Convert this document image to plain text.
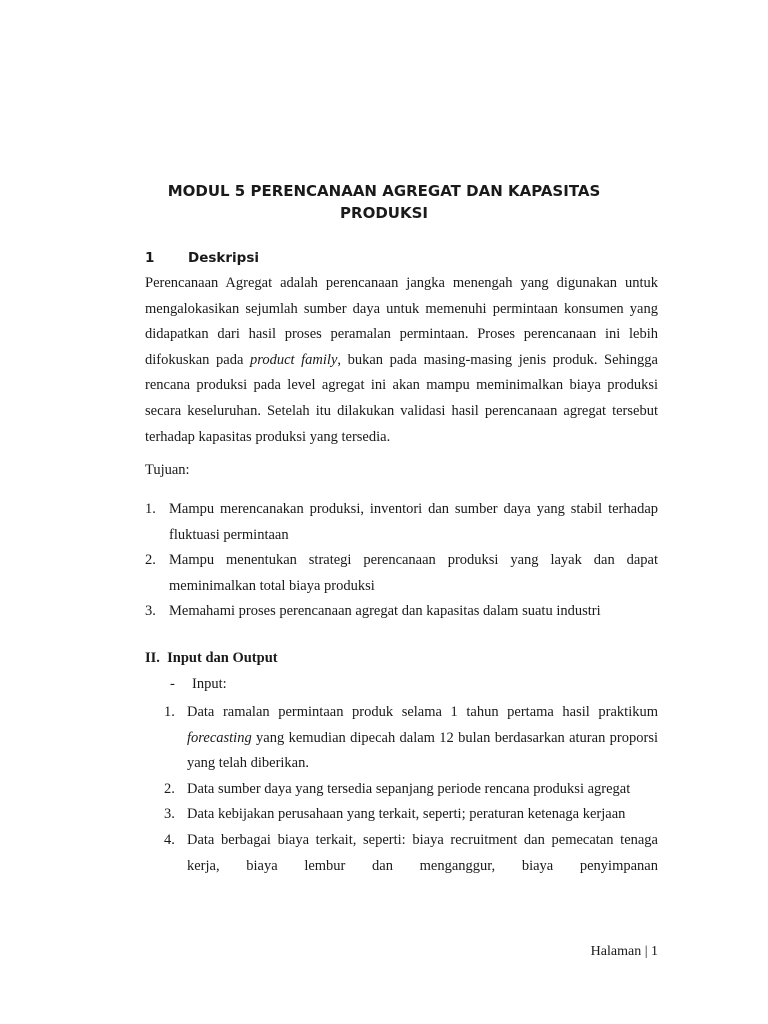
MODUL 5 PERENCANAAN AGREGAT DAN KAPASITAS
PRODUKSI
1 Deskripsi

Perencanaan Agregat adalah perencanaan jangka menengah yang digunakan untuk mengalokasikan sejumlah sumber daya untuk memenuhi permintaan konsumen yang didapatkan dari hasil proses peramalan permintaan. Proses perencanaan ini lebih difokuskan pada product family, bukan pada masing-masing jenis produk. Sehingga rencana produksi pada level agregat ini akan mampu meminimalkan biaya produksi secara keseluruhan. Setelah itu dilakukan validasi hasil perencanaan agregat tersebut terhadap kapasitas produksi yang tersedia.

Tujuan:

1. Mampu merencanakan produksi, inventori dan sumber daya yang stabil terhadap fluktuasi permintaan
2. Mampu menentukan strategi perencanaan produksi yang layak dan dapat meminimalkan total biaya produksi
3. Memahami proses perencanaan agregat dan kapasitas dalam suatu industri

II.  Input dan Output

- Input:

1. Data ramalan permintaan produk selama 1 tahun pertama hasil praktikum forecasting yang kemudian dipecah dalam 12 bulan berdasarkan aturan proporsi yang telah diberikan.
2. Data sumber daya yang tersedia sepanjang periode rencana produksi agregat
3. Data kebijakan perusahaan yang terkait, seperti; peraturan ketenaga kerjaan
4. Data berbagai biaya terkait, seperti: biaya recruitment dan pemecatan tenaga kerja, biaya lembur dan menganggur, biaya penyimpanan

Halaman | 1
